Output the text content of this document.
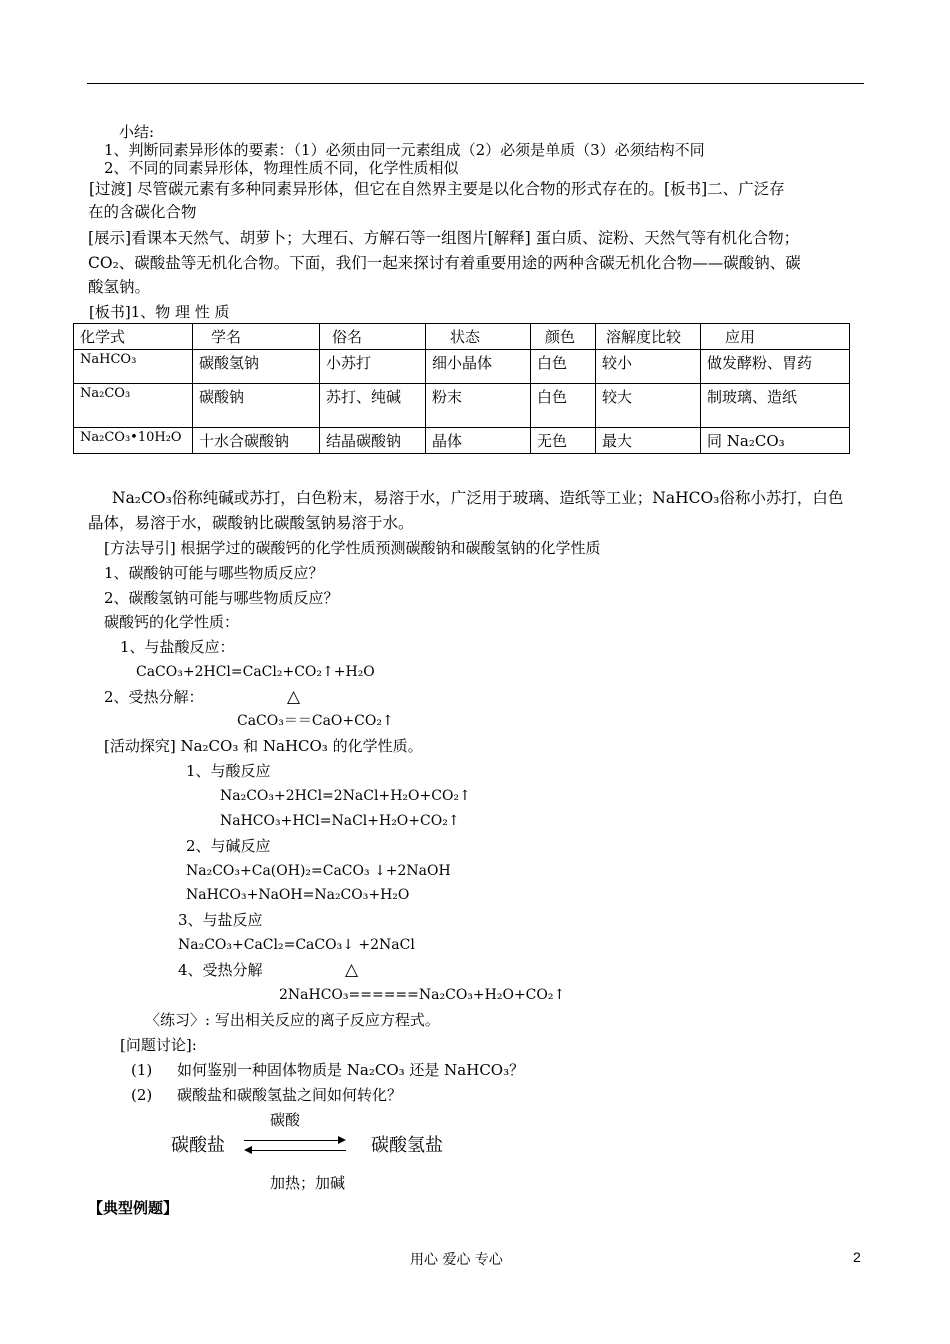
小结:
1、判断同素异形体的要素：（1）必须由同一元素组成（2）必须是单质（3）必须结构不同
2、不同的同素异形体，物理性质不同，化学性质相似
[过渡] 尽管碳元素有多种同素异形体，但它在自然界主要是以化合物的形式存在的。[板书]二、广泛存
在的含碳化合物
[展示]看课本天然气、胡萝卜；大理石、方解石等一组图片[解释] 蛋白质、淀粉、天然气等有机化合物；
CO₂、碳酸盐等无机化合物。下面，我们一起来探讨有着重要用途的两种含碳无机化合物——碳酸钠、碳
酸氢钠。
[板书]1、物 理 性 质
化学式	学名	俗名	状态	颜色	溶解度比较	应用
NaHCO₃	碳酸氢钠	小苏打	细小晶体	白色	较小	做发酵粉、胃药
Na₂CO₃	碳酸钠	苏打、纯碱	粉末	白色	较大	制玻璃、造纸
Na₂CO₃•10H₂O	十水合碳酸钠	结晶碳酸钠	晶体	无色	最大	同 Na₂CO₃
Na₂CO₃俗称纯碱或苏打，白色粉末，易溶于水，广泛用于玻璃、造纸等工业；NaHCO₃俗称小苏打，白色
晶体，易溶于水，碳酸钠比碳酸氢钠易溶于水。
[方法导引] 根据学过的碳酸钙的化学性质预测碳酸钠和碳酸氢钠的化学性质
1、碳酸钠可能与哪些物质反应？
2、碳酸氢钠可能与哪些物质反应？
碳酸钙的化学性质：
1、与盐酸反应：
CaCO₃+2HCl=CaCl₂+CO₂↑+H₂O
2、受热分解：	△
CaCO₃＝＝CaO+CO₂↑
[活动探究] Na₂CO₃ 和 NaHCO₃ 的化学性质。
1、与酸反应
Na₂CO₃+2HCl=2NaCl+H₂O+CO₂↑
NaHCO₃+HCl=NaCl+H₂O+CO₂↑
2、与碱反应
Na₂CO₃+Ca(OH)₂=CaCO₃ ↓+2NaOH
NaHCO₃+NaOH=Na₂CO₃+H₂O
3、与盐反应
Na₂CO₃+CaCl₂=CaCO₃↓ +2NaCl
4、受热分解	△
2NaHCO₃======Na₂CO₃+H₂O+CO₂↑
〈练习〉: 写出相关反应的离子反应方程式。
[问题讨论]:
(1) 如何鉴别一种固体物质是 Na₂CO₃ 还是 NaHCO₃？
(2) 碳酸盐和碳酸氢盐之间如何转化？
碳酸
碳酸盐	碳酸氢盐
加热；加碱
【典型例题】
用心 爱心 专心	2
